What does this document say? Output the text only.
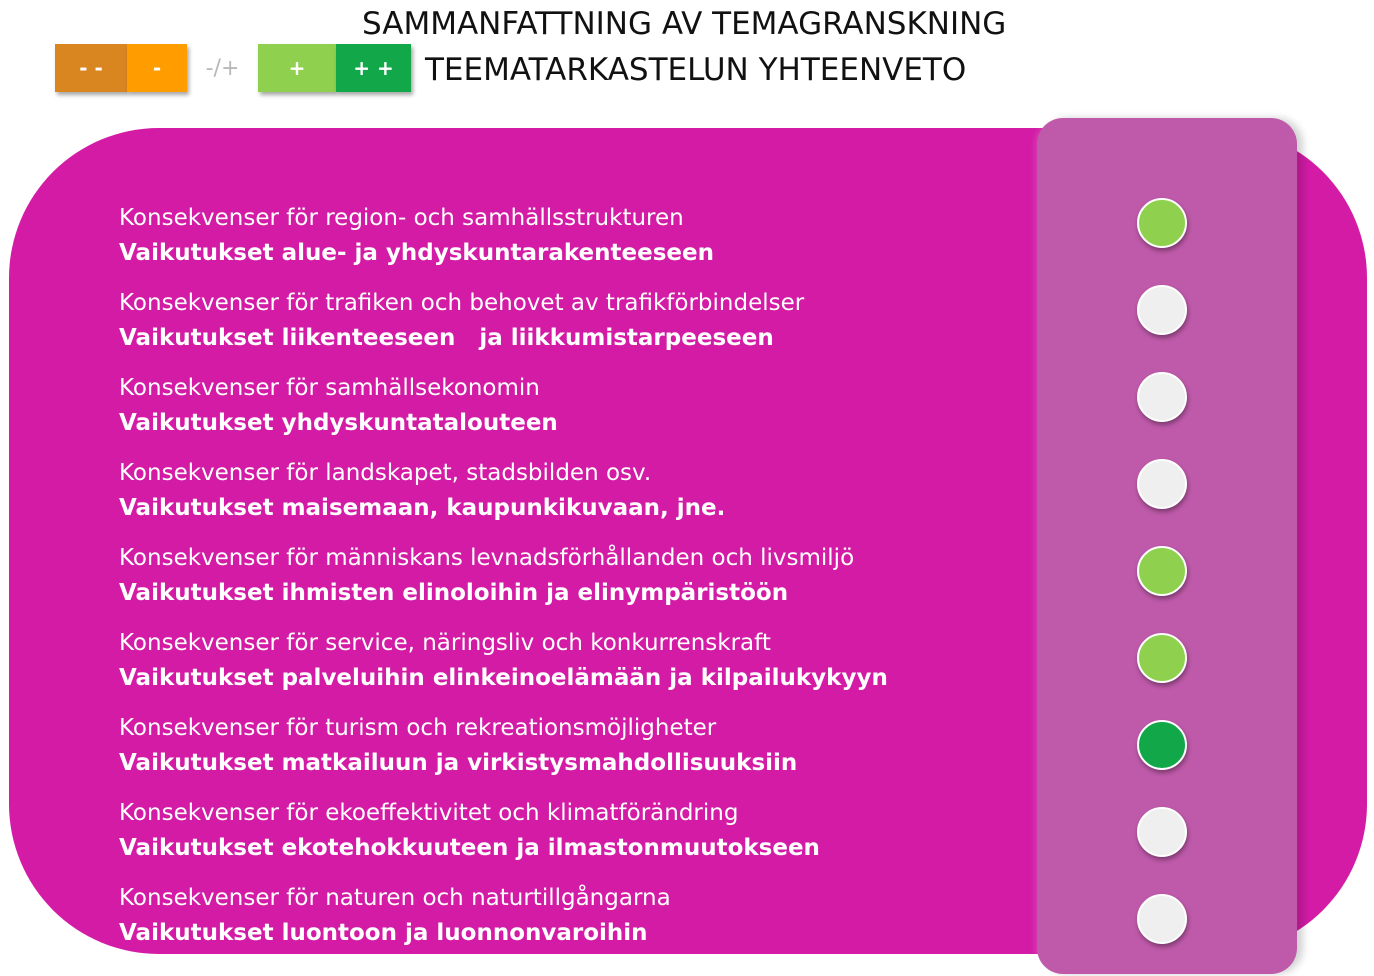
SAMMANFATTNING AV TEMAGRANSKNING
TEEMATARKASTELUN YHTEENVETO
- -	-	-/+	+	+ +
Konsekvenser för region- och samhällsstrukturen
Vaikutukset alue- ja yhdyskuntarakenteeseen
Konsekvenser för trafiken och behovet av trafikförbindelser
Vaikutukset liikenteeseen   ja liikkumistarpeeseen
Konsekvenser för samhällsekonomin
Vaikutukset yhdyskuntatalouteen
Konsekvenser för landskapet, stadsbilden osv.
Vaikutukset maisemaan, kaupunkikuvaan, jne.
Konsekvenser för människans levnadsförhållanden och livsmiljö
Vaikutukset ihmisten elinoloihin ja elinympäristöön
Konsekvenser för service, näringsliv och konkurrenskraft
Vaikutukset palveluihin elinkeinoelämään ja kilpailukykyyn
Konsekvenser för turism och rekreationsmöjligheter
Vaikutukset matkailuun ja virkistysmahdollisuuksiin
Konsekvenser för ekoeffektivitet och klimatförändring
Vaikutukset ekotehokkuuteen ja ilmastonmuutokseen
Konsekvenser för naturen och naturtillgångarna
Vaikutukset luontoon ja luonnonvaroihin
